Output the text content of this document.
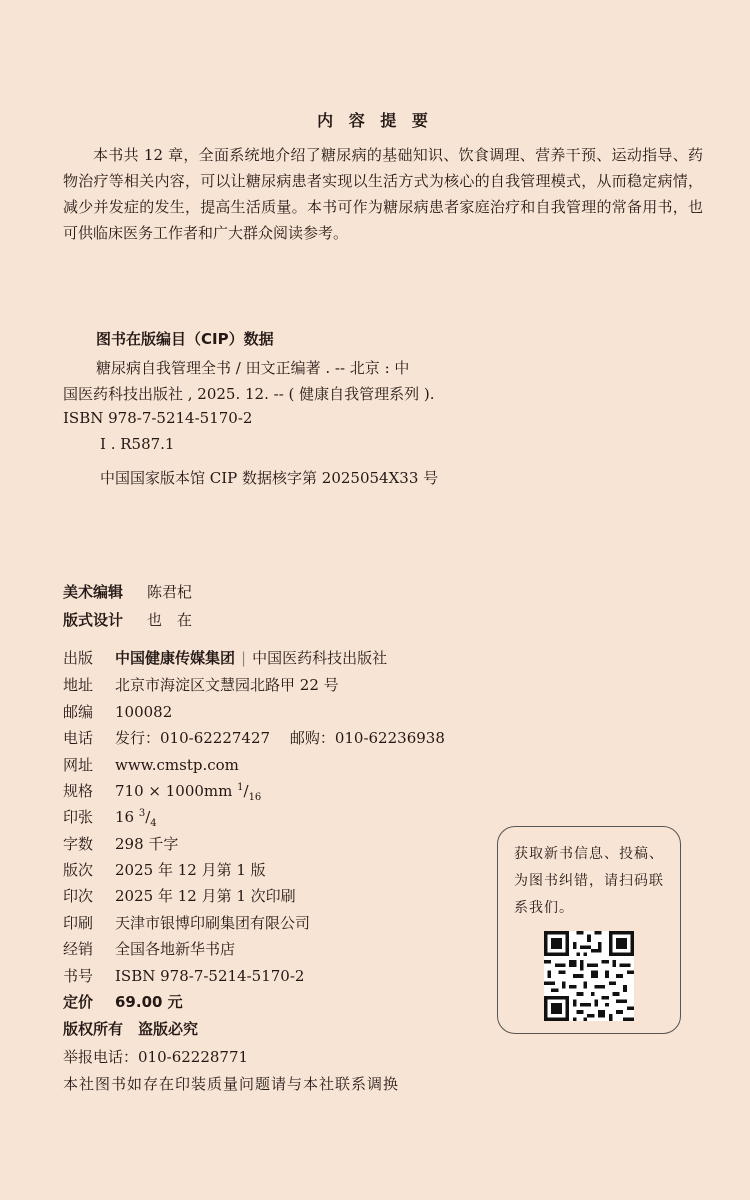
内 容 提 要
本书共 12 章，全面系统地介绍了糖尿病的基础知识、饮食调理、营养干预、运动指导、药物治疗等相关内容，可以让糖尿病患者实现以生活方式为核心的自我管理模式，从而稳定病情，减少并发症的发生，提高生活质量。本书可作为糖尿病患者家庭治疗和自我管理的常备用书，也可供临床医务工作者和广大群众阅读参考。
图书在版编目（CIP）数据
糖尿病自我管理全书 / 田文正编著 . -- 北京 : 中
国医药科技出版社 , 2025. 12. -- ( 健康自我管理系列 ).
ISBN 978-7-5214-5170-2
Ⅰ . R587.1
中国国家版本馆 CIP 数据核字第 2025054X33 号
美术编辑 陈君杞
版式设计 也　在
出版 中国健康传媒集团 | 中国医药科技出版社
地址 北京市海淀区文慧园北路甲 22 号
邮编 100082
电话 发行：010-62227427　 邮购：010-62236938
网址 www.cmstp.com
规格 710 × 1000mm $^1/_{16}$
印张 16 $^3/_4$
字数 298 千字
版次 2025 年 12 月第 1 版
印次 2025 年 12 月第 1 次印刷
印刷 天津市银博印刷集团有限公司
经销 全国各地新华书店
书号 ISBN 978-7-5214-5170-2
定价 69.00 元
版权所有　盗版必究
举报电话：010-62228771
本社图书如存在印装质量问题请与本社联系调换
获取新书信息、投稿、为图书纠错，请扫码联系我们。
